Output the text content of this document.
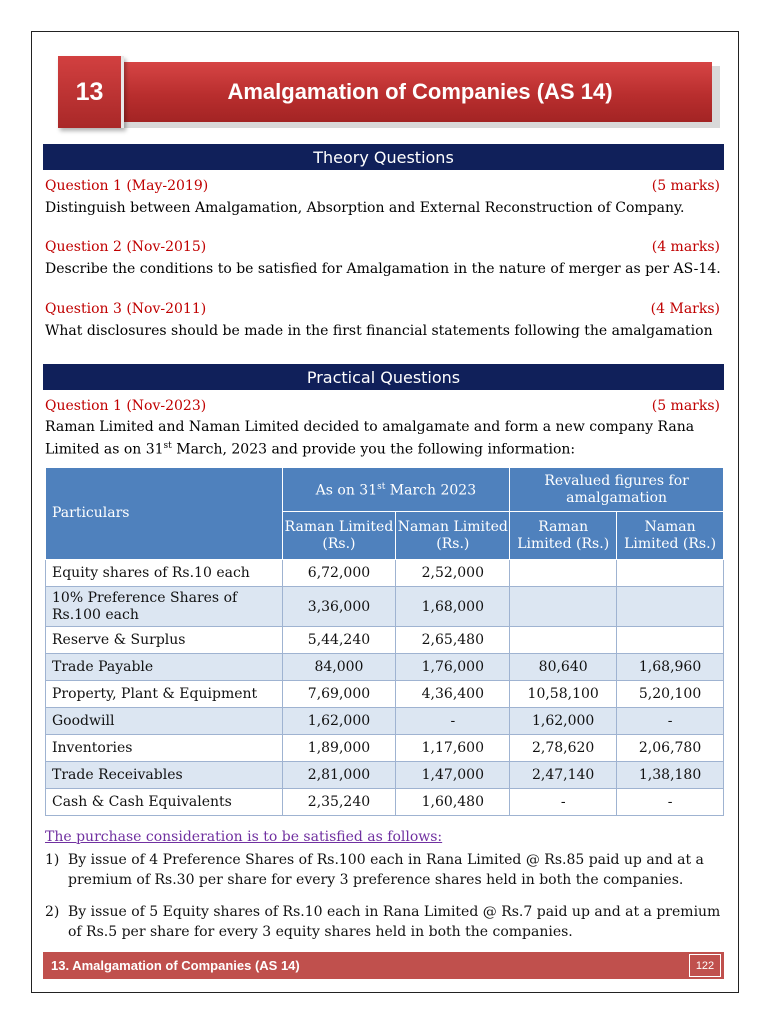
13	Amalgamation of Companies (AS 14)
Theory Questions
Question 1 (May-2019)	(5 marks)
Distinguish between Amalgamation, Absorption and External Reconstruction of Company.
Question 2 (Nov-2015)	(4 marks)
Describe the conditions to be satisfied for Amalgamation in the nature of merger as per AS-14.
Question 3 (Nov-2011)	(4 Marks)
What disclosures should be made in the first financial statements following the amalgamation
Practical Questions
Question 1 (Nov-2023)	(5 marks)
Raman Limited and Naman Limited decided to amalgamate and form a new company Rana
Limited as on 31st March, 2023 and provide you the following information:
Particulars	As on 31st March 2023		Revalued figures for amalgamation	
	Raman Limited (Rs.)	Naman Limited (Rs.)	Raman Limited (Rs.)	Naman Limited (Rs.)
Equity shares of Rs.10 each	6,72,000	2,52,000		
10% Preference Shares of Rs.100 each	3,36,000	1,68,000		
Reserve & Surplus	5,44,240	2,65,480		
Trade Payable	84,000	1,76,000	80,640	1,68,960
Property, Plant & Equipment	7,69,000	4,36,400	10,58,100	5,20,100
Goodwill	1,62,000	-	1,62,000	-
Inventories	1,89,000	1,17,600	2,78,620	2,06,780
Trade Receivables	2,81,000	1,47,000	2,47,140	1,38,180
Cash & Cash Equivalents	2,35,240	1,60,480	-	-
The purchase consideration is to be satisfied as follows:
1) By issue of 4 Preference Shares of Rs.100 each in Rana Limited @ Rs.85 paid up and at a premium of Rs.30 per share for every 3 preference shares held in both the companies.
2) By issue of 5 Equity shares of Rs.10 each in Rana Limited @ Rs.7 paid up and at a premium of Rs.5 per share for every 3 equity shares held in both the companies.
13. Amalgamation of Companies (AS 14)	122
